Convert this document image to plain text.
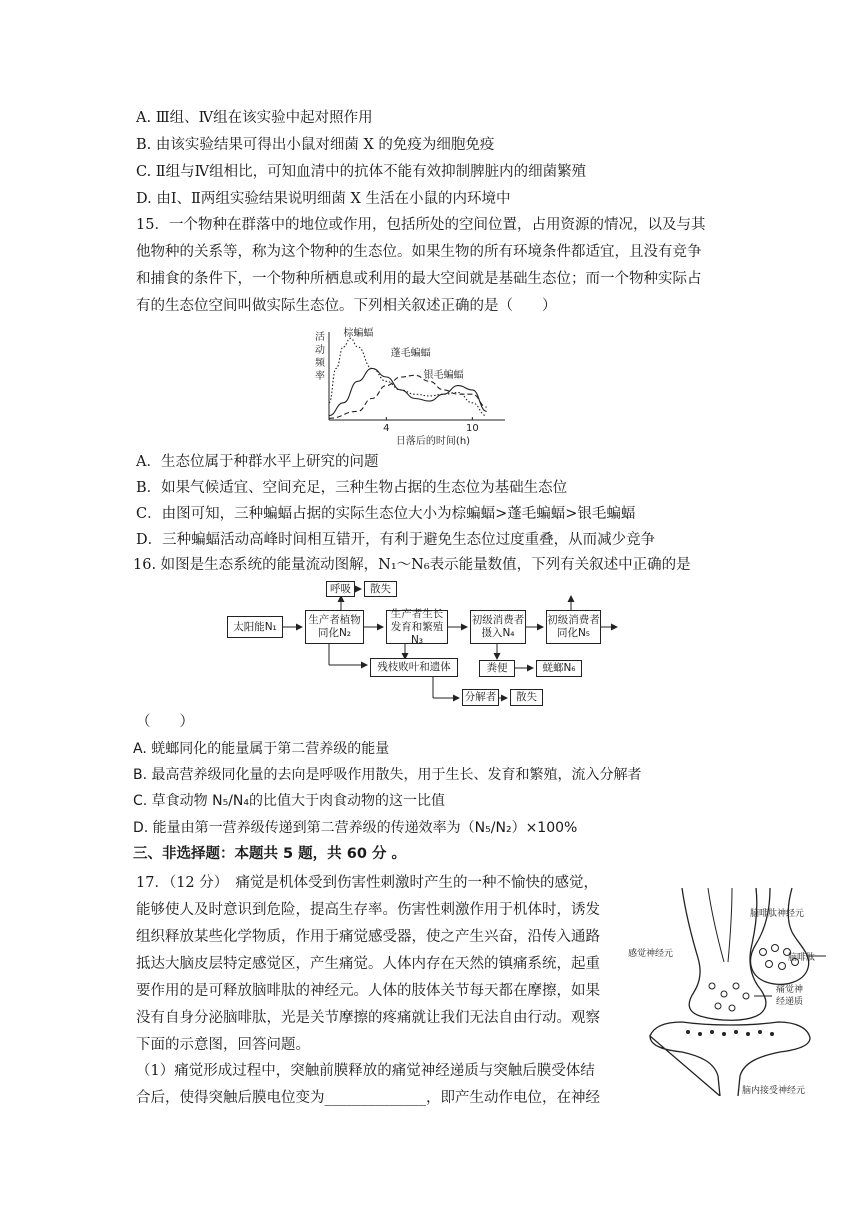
A. Ⅲ组、Ⅳ组在该实验中起对照作用
B. 由该实验结果可得出小鼠对细菌 X 的免疫为细胞免疫
C. Ⅱ组与Ⅳ组相比，可知血清中的抗体不能有效抑制脾脏内的细菌繁殖
D. 由Ⅰ、Ⅱ两组实验结果说明细菌 X 生活在小鼠的内环境中
15．一个物种在群落中的地位或作用，包括所处的空间位置，占用资源的情况，以及与其
他物种的关系等，称为这个物种的生态位。如果生物的所有环境条件都适宜，且没有竞争
和捕食的条件下，一个物种所栖息或利用的最大空间就是基础生态位；而一个物种实际占
有的生态位空间叫做实际生态位。下列相关叙述正确的是（　　）
活
动
频
率
棕蝙蝠
蓬毛蝙蝠
银毛蝙蝠
4	10
日落后的时间(h)
A．生态位属于种群水平上研究的问题
B．如果气候适宜、空间充足，三种生物占据的生态位为基础生态位
C．由图可知，三种蝙蝠占据的实际生态位大小为棕蝙蝠>蓬毛蝙蝠>银毛蝙蝠
D．三种蝙蝠活动高峰时间相互错开，有利于避免生态位过度重叠，从而减少竞争
16. 如图是生态系统的能量流动图解，N₁～N₆表示能量数值，下列有关叙述中正确的是
太阳能N₁
生产者植物同化N₂
生产者生长发育和繁殖N₃
初级消费者摄入N₄
初级消费者同化N₅
呼吸	散失
残枝败叶和遗体	粪便	蜣螂N₆
分解者	散失
（　　）
A. 蜣螂同化的能量属于第二营养级的能量
B. 最高营养级同化量的去向是呼吸作用散失，用于生长、发育和繁殖，流入分解者
C. 草食动物 N₅/N₄的比值大于肉食动物的这一比值
D. 能量由第一营养级传递到第二营养级的传递效率为（N₅/N₂）×100%
三、非选择题：本题共 5 题，共 60 分 。
17．（12 分）　痛觉是机体受到伤害性刺激时产生的一种不愉快的感觉，
能够使人及时意识到危险，提高生存率。伤害性刺激作用于机体时，诱发
组织释放某些化学物质，作用于痛觉感受器，使之产生兴奋，沿传入通路
抵达大脑皮层特定感觉区，产生痛觉。人体内存在天然的镇痛系统，起重
要作用的是可释放脑啡肽的神经元。人体的肢体关节每天都在摩擦，如果
没有自身分泌脑啡肽，光是关节摩擦的疼痛就让我们无法自由行动。观察
下面的示意图，回答问题。
（1）痛觉形成过程中，突触前膜释放的痛觉神经递质与突触后膜受体结
合后，使得突触后膜电位变为______________，即产生动作电位，在神经
脑啡肽神经元
感觉神经元	脑啡肽
痛觉神
经递质
脑内接受神经元
